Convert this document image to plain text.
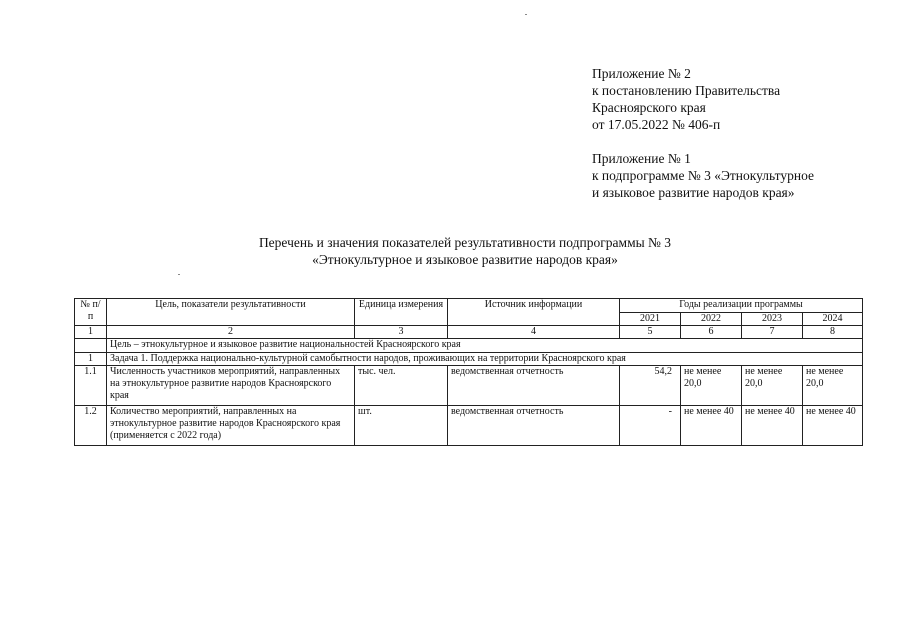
Приложение № 2
к постановлению Правительства
Красноярского края
от 17.05.2022 № 406-п
Приложение № 1
к подпрограмме № 3 «Этнокультурное
и языковое развитие народов края»
Перечень и значения показателей результативности подпрограммы № 3
«Этнокультурное и языковое развитие народов края»
№ п/п	Цель, показатели результативности	Единица измерения	Источник информации	Годы реализации программы			
				2021	2022	2023	2024
1	2	3	4	5	6	7	8
	Цель – этнокультурное и языковое развитие национальностей Красноярского края						
1	Задача 1. Поддержка национально-культурной самобытности народов, проживающих на территории Красноярского края						
1.1	Численность участников мероприятий, направленных на этнокультурное развитие народов Красноярского края	тыс. чел.	ведомственная отчетность	54,2	не менее 20,0	не менее 20,0	не менее 20,0
1.2	Количество мероприятий, направленных на этнокультурное развитие народов Красноярского края (применяется с 2022 года)	шт.	ведомственная отчетность	-	не менее 40	не менее 40	не менее 40
